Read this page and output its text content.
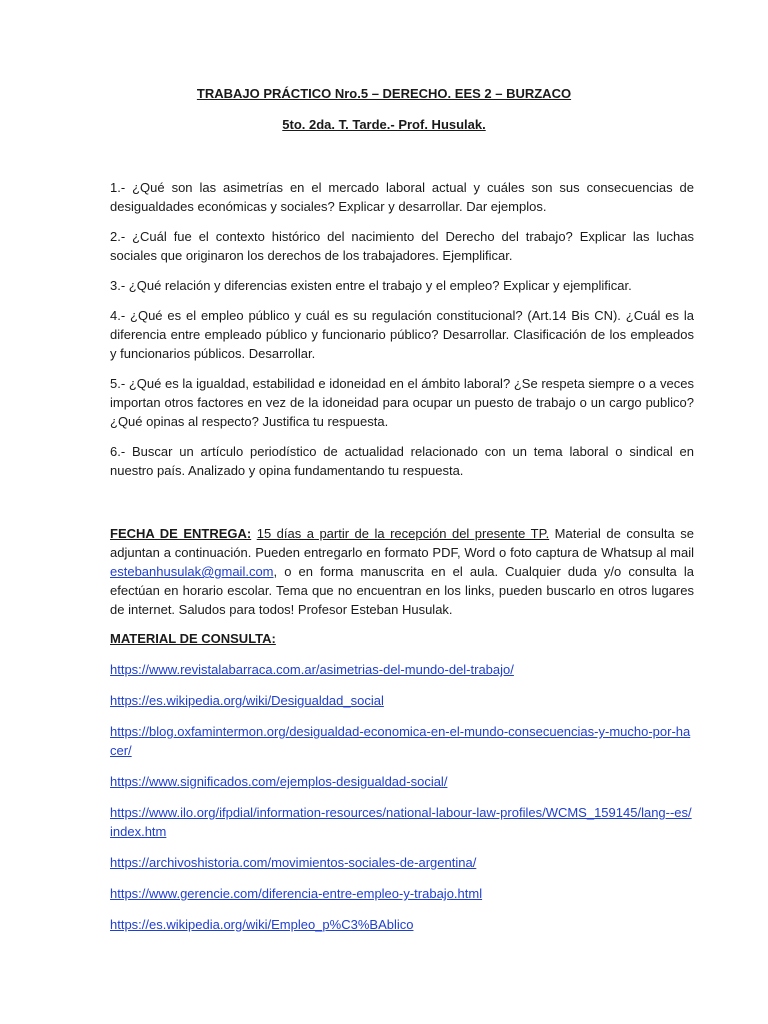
TRABAJO PRÁCTICO Nro.5 – DERECHO. EES 2 – BURZACO
5to. 2da. T. Tarde.- Prof. Husulak.

1.- ¿Qué son las asimetrías en el mercado laboral actual y cuáles son sus consecuencias de desigualdades económicas y sociales? Explicar y desarrollar. Dar ejemplos.

2.- ¿Cuál fue el contexto histórico del nacimiento del Derecho del trabajo? Explicar las luchas sociales que originaron los derechos de los trabajadores. Ejemplificar.

3.- ¿Qué relación y diferencias existen entre el trabajo y el empleo? Explicar y ejemplificar.

4.- ¿Qué es el empleo público y cuál es su regulación constitucional? (Art.14 Bis CN). ¿Cuál es la diferencia entre empleado público y funcionario público? Desarrollar. Clasificación de los empleados y funcionarios públicos. Desarrollar.

5.- ¿Qué es la igualdad, estabilidad e idoneidad en el ámbito laboral? ¿Se respeta siempre o a veces importan otros factores en vez de la idoneidad para ocupar un puesto de trabajo o un cargo publico? ¿Qué opinas al respecto? Justifica tu respuesta.

6.- Buscar un artículo periodístico de actualidad relacionado con un tema laboral o sindical en nuestro país. Analizado y opina fundamentando tu respuesta.

FECHA DE ENTREGA: 15 días a partir de la recepción del presente TP. Material de consulta se adjuntan a continuación. Pueden entregarlo en formato PDF, Word o foto captura de Whatsup al mail estebanhusulak@gmail.com, o en forma manuscrita en el aula. Cualquier duda y/o consulta la efectúan en horario escolar. Tema que no encuentran en los links, pueden buscarlo en otros lugares de internet. Saludos para todos! Profesor Esteban Husulak.
MATERIAL DE CONSULTA:
https://www.revistalabarraca.com.ar/asimetrias-del-mundo-del-trabajo/
https://es.wikipedia.org/wiki/Desigualdad_social
https://blog.oxfamintermon.org/desigualdad-economica-en-el-mundo-consecuencias-y-mucho-por-hacer/
https://www.significados.com/ejemplos-desigualdad-social/
https://www.ilo.org/ifpdial/information-resources/national-labour-law-profiles/WCMS_159145/lang--es/index.htm
https://archivoshistoria.com/movimientos-sociales-de-argentina/
https://www.gerencie.com/diferencia-entre-empleo-y-trabajo.html
https://es.wikipedia.org/wiki/Empleo_p%C3%BAblico
